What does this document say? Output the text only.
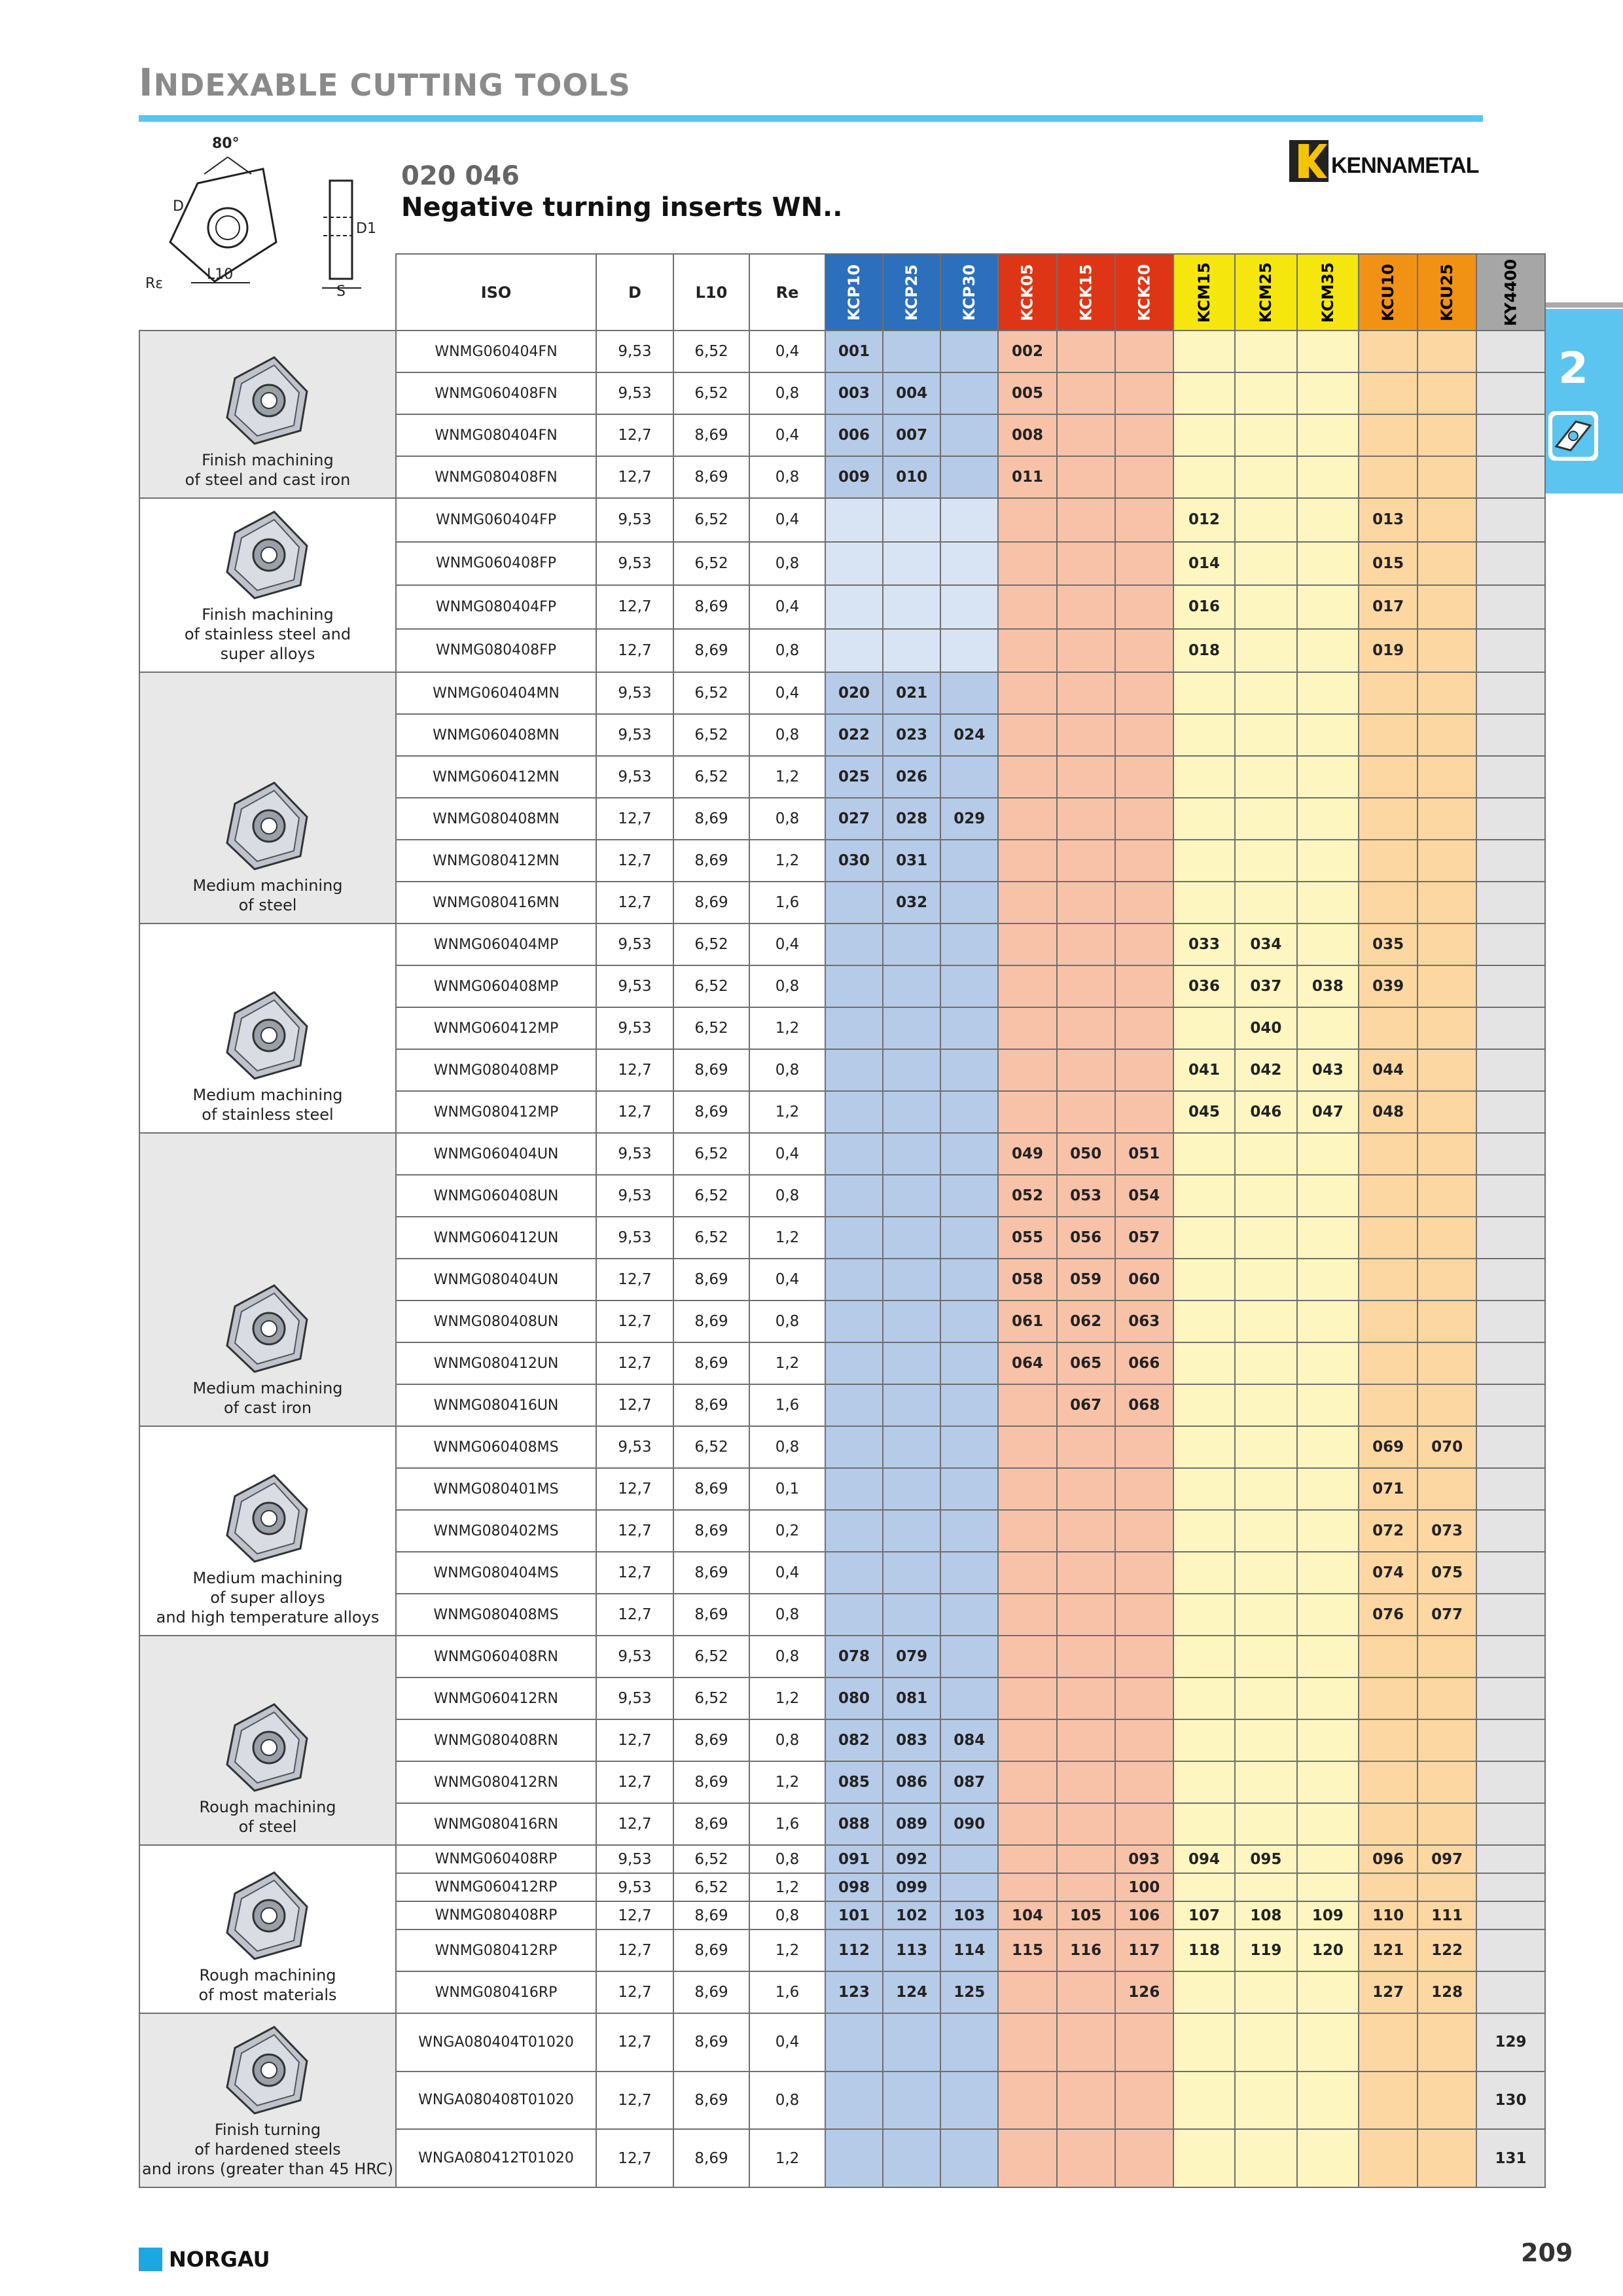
INDEXABLE CUTTING TOOLS
80°
D
Rε
L10
D1
S
020 046
Negative turning inserts WN..
KENNAMETAL
2
	ISO	D	L10	Re	KCP10	KCP25	KCP30	KCK05	KCK15	KCK20	KCM15	KCM25	KCM35	KCU10	KCU25	KY4400

Finish machining
of steel and cast iron	WNMG060404FN	9,53	6,52	0,4	001			002								
	WNMG060408FN	9,53	6,52	0,8	003	004		005								
	WNMG080404FN	12,7	8,69	0,4	006	007		008								
	WNMG080408FN	12,7	8,69	0,8	009	010		011								

Finish machining
of stainless steel and
super alloys	WNMG060404FP	9,53	6,52	0,4							012			013		
	WNMG060408FP	9,53	6,52	0,8							014			015		
	WNMG080404FP	12,7	8,69	0,4							016			017		
	WNMG080408FP	12,7	8,69	0,8							018			019		

Medium machining
of steel	WNMG060404MN	9,53	6,52	0,4	020	021										
	WNMG060408MN	9,53	6,52	0,8	022	023	024									
	WNMG060412MN	9,53	6,52	1,2	025	026										
	WNMG080408MN	12,7	8,69	0,8	027	028	029									
	WNMG080412MN	12,7	8,69	1,2	030	031										
	WNMG080416MN	12,7	8,69	1,6		032										

Medium machining
of stainless steel	WNMG060404MP	9,53	6,52	0,4							033	034		035		
	WNMG060408MP	9,53	6,52	0,8							036	037	038	039		
	WNMG060412MP	9,53	6,52	1,2								040				
	WNMG080408MP	12,7	8,69	0,8							041	042	043	044		
	WNMG080412MP	12,7	8,69	1,2							045	046	047	048		

Medium machining
of cast iron	WNMG060404UN	9,53	6,52	0,4				049	050	051						
	WNMG060408UN	9,53	6,52	0,8				052	053	054						
	WNMG060412UN	9,53	6,52	1,2				055	056	057						
	WNMG080404UN	12,7	8,69	0,4				058	059	060						
	WNMG080408UN	12,7	8,69	0,8				061	062	063						
	WNMG080412UN	12,7	8,69	1,2				064	065	066						
	WNMG080416UN	12,7	8,69	1,6					067	068						

Medium machining
of super alloys
and high temperature alloys	WNMG060408MS	9,53	6,52	0,8										069	070	
	WNMG080401MS	12,7	8,69	0,1										071		
	WNMG080402MS	12,7	8,69	0,2										072	073	
	WNMG080404MS	12,7	8,69	0,4										074	075	
	WNMG080408MS	12,7	8,69	0,8										076	077	

Rough machining
of steel	WNMG060408RN	9,53	6,52	0,8	078	079										
	WNMG060412RN	9,53	6,52	1,2	080	081										
	WNMG080408RN	12,7	8,69	0,8	082	083	084									
	WNMG080412RN	12,7	8,69	1,2	085	086	087									
	WNMG080416RN	12,7	8,69	1,6	088	089	090									

Rough machining
of most materials	WNMG060408RP	9,53	6,52	0,8	091	092				093	094	095		096	097	
	WNMG060412RP	9,53	6,52	1,2	098	099				100						
	WNMG080408RP	12,7	8,69	0,8	101	102	103	104	105	106	107	108	109	110	111	
	WNMG080412RP	12,7	8,69	1,2	112	113	114	115	116	117	118	119	120	121	122	
	WNMG080416RP	12,7	8,69	1,6	123	124	125			126				127	128	

Finish turning
of hardened steels
and irons (greater than 45 HRC)	WNGA080404T01020	12,7	8,69	0,4												129
	WNGA080408T01020	12,7	8,69	0,8												130
	WNGA080412T01020	12,7	8,69	1,2												131
NORGAU	209
